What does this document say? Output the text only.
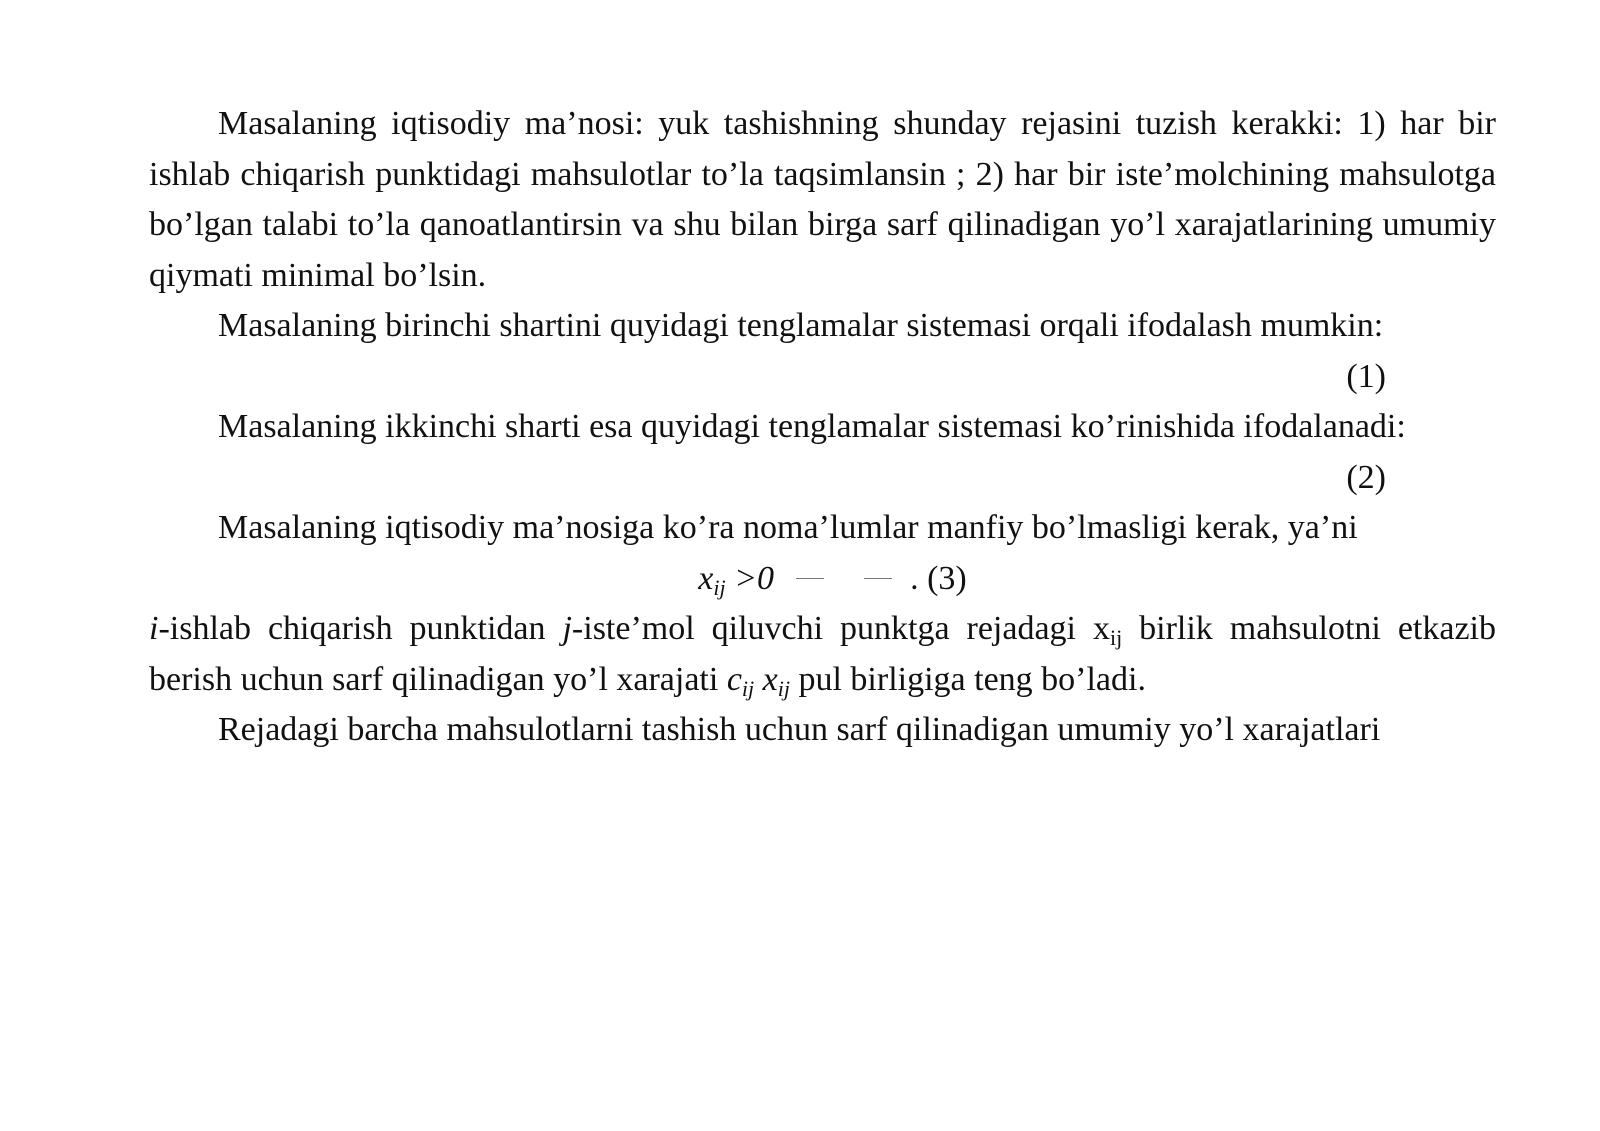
Masalaning iqtisodiy ma’nosi: yuk tashishning shunday rejasini tuzish kerakki: 1) har bir ishlab chiqarish punktidagi mahsulotlar to’la taqsimlansin ; 2) har bir iste’molchining mahsulotga bo’lgan talabi to’la qanoatlantirsin va shu bilan birga sarf qilinadigan yo’l xarajatlarining umumiy qiymati minimal bo’lsin.

Masalaning birinchi shartini quyidagi tenglamalar sistemasi orqali ifodalash mumkin:

(1)

Masalaning ikkinchi sharti esa quyidagi tenglamalar sistemasi ko’rinishida ifodalanadi:

(2)

Masalaning iqtisodiy ma’nosiga ko’ra noma’lumlar manfiy bo’lmasligi kerak, ya’ni

$x_{ij} >0$	. (3)

i-ishlab chiqarish punktidan j-iste’mol qiluvchi punktga rejadagi $x_{ij}$ birlik mahsulotni etkazib berish uchun sarf qilinadigan yo’l xarajati $c_{ij}$ $x_{ij}$ pul birligiga teng bo’ladi.

Rejadagi barcha mahsulotlarni tashish uchun sarf qilinadigan umumiy yo’l xarajatlari
